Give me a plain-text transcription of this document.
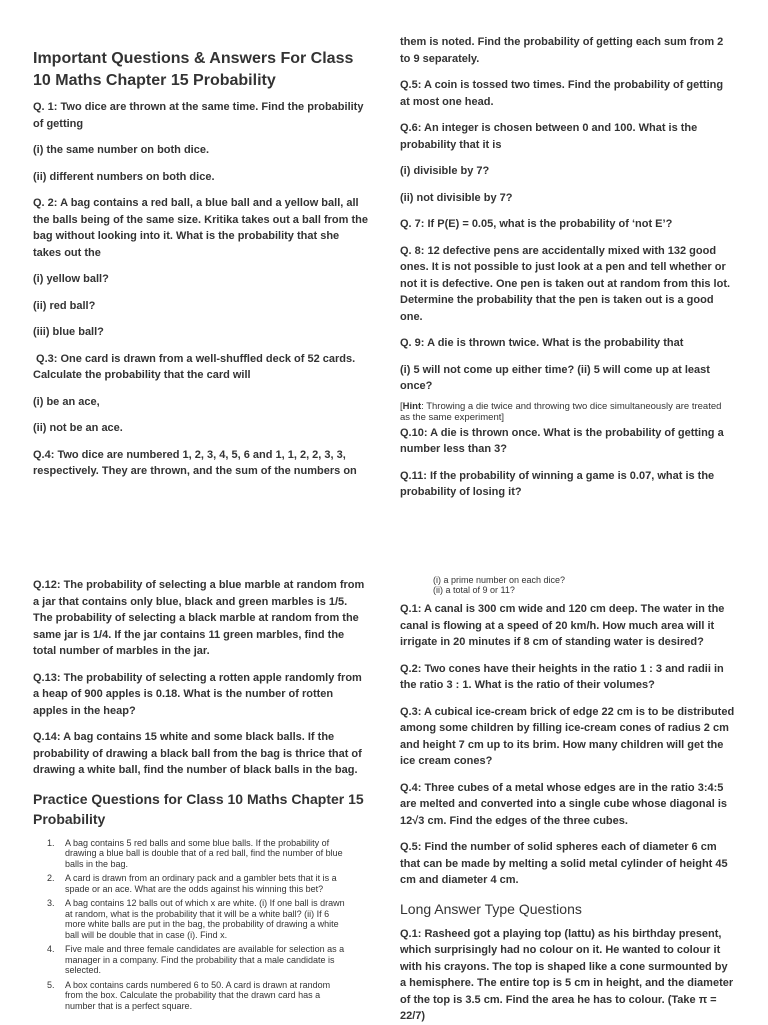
Important Questions & Answers For Class
10 Maths Chapter 15 Probability

Q. 1: Two dice are thrown at the same time. Find the probability
of getting

(i) the same number on both dice.

(ii) different numbers on both dice.

Q. 2: A bag contains a red ball, a blue ball and a yellow ball, all
the balls being of the same size. Kritika takes out a ball from the
bag without looking into it. What is the probability that she
takes out the

(i) yellow ball?

(ii) red ball?

(iii) blue ball?

Q.3: One card is drawn from a well-shuffled deck of 52 cards.
Calculate the probability that the card will

(i) be an ace,

(ii) not be an ace.

Q.4: Two dice are numbered 1, 2, 3, 4, 5, 6 and 1, 1, 2, 2, 3, 3,
respectively. They are thrown, and the sum of the numbers on

them is noted. Find the probability of getting each sum from 2
to 9 separately.

Q.5: A coin is tossed two times. Find the probability of getting
at most one head.

Q.6: An integer is chosen between 0 and 100. What is the
probability that it is

(i) divisible by 7?

(ii) not divisible by 7?

Q. 7: If P(E) = 0.05, what is the probability of ‘not E’?

Q. 8: 12 defective pens are accidentally mixed with 132 good
ones. It is not possible to just look at a pen and tell whether or
not it is defective. One pen is taken out at random from this lot.
Determine the probability that the pen is taken out is a good
one.

Q. 9: A die is thrown twice. What is the probability that

(i) 5 will not come up either time? (ii) 5 will come up at least
once?

[Hint: Throwing a die twice and throwing two dice simultaneously are treated
as the same experiment]

Q.10: A die is thrown once. What is the probability of getting a
number less than 3?

Q.11: If the probability of winning a game is 0.07, what is the
probability of losing it?

Q.12: The probability of selecting a blue marble at random from
a jar that contains only blue, black and green marbles is 1/5.
The probability of selecting a black marble at random from the
same jar is 1/4. If the jar contains 11 green marbles, find the
total number of marbles in the jar.

Q.13: The probability of selecting a rotten apple randomly from
a heap of 900 apples is 0.18. What is the number of rotten
apples in the heap?

Q.14: A bag contains 15 white and some black balls. If the
probability of drawing a black ball from the bag is thrice that of
drawing a white ball, find the number of black balls in the bag.

Practice Questions for Class 10 Maths Chapter 15
Probability

1. A bag contains 5 red balls and some blue balls. If the probability of
drawing a blue ball is double that of a red ball, find the number of blue
balls in the bag.
2. A card is drawn from an ordinary pack and a gambler bets that it is a
spade or an ace. What are the odds against his winning this bet?
3. A bag contains 12 balls out of which x are white. (i) If one ball is drawn
at random, what is the probability that it will be a white ball? (ii) If 6
more white balls are put in the bag, the probability of drawing a white
ball will be double that in case (i). Find x.
4. Five male and three female candidates are available for selection as a
manager in a company. Find the probability that a male candidate is
selected.
5. A box contains cards numbered 6 to 50. A card is drawn at random
from the box. Calculate the probability that the drawn card has a
number that is a perfect square.

(i) a prime number on each dice?
(ii) a total of 9 or 11?

Q.1: A canal is 300 cm wide and 120 cm deep. The water in the
canal is flowing at a speed of 20 km/h. How much area will it
irrigate in 20 minutes if 8 cm of standing water is desired?

Q.2: Two cones have their heights in the ratio 1 : 3 and radii in
the ratio 3 : 1. What is the ratio of their volumes?

Q.3: A cubical ice-cream brick of edge 22 cm is to be distributed
among some children by filling ice-cream cones of radius 2 cm
and height 7 cm up to its brim. How many children will get the
ice cream cones?

Q.4: Three cubes of a metal whose edges are in the ratio 3:4:5
are melted and converted into a single cube whose diagonal is
12√3 cm. Find the edges of the three cubes.

Q.5: Find the number of solid spheres each of diameter 6 cm
that can be made by melting a solid metal cylinder of height 45
cm and diameter 4 cm.

Long Answer Type Questions

Q.1: Rasheed got a playing top (lattu) as his birthday present,
which surprisingly had no colour on it. He wanted to colour it
with his crayons. The top is shaped like a cone surmounted by
a hemisphere. The entire top is 5 cm in height, and the diameter
of the top is 3.5 cm. Find the area he has to colour. (Take π =
22/7)
